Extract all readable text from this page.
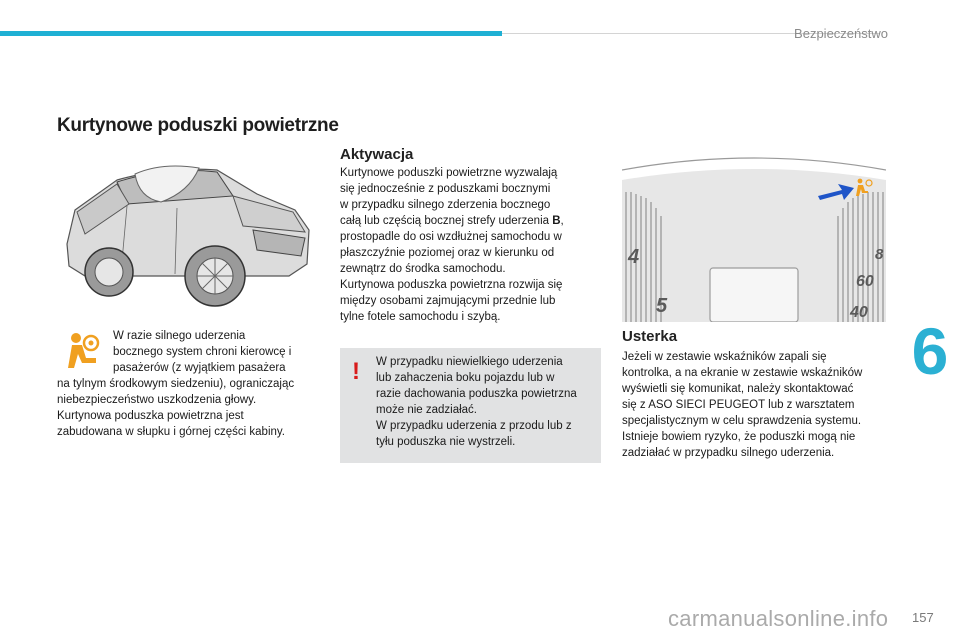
Bezpieczeństwo
Kurtynowe poduszki powietrzne

W razie silnego uderzenia
bocznego system chroni kierowcę i
pasażerów (z wyjątkiem pasażera
na tylnym środkowym siedzeniu), ograniczając
niebezpieczeństwo uszkodzenia głowy.
Kurtynowa poduszka powietrzna jest
zabudowana w słupku i górnej części kabiny.

Aktywacja

Kurtynowe poduszki powietrzne wyzwalają
się jednocześnie z poduszkami bocznymi
w przypadku silnego zderzenia bocznego
całą lub częścią bocznej strefy uderzenia B,
prostopadle do osi wzdłużnej samochodu w
płaszczyźnie poziomej oraz w kierunku od
zewnątrz do środka samochodu.
Kurtynowa poduszka powietrzna rozwija się
między osobami zajmującymi przednie lub
tylne fotele samochodu i szybą.

! W przypadku niewielkiego uderzenia
lub zahaczenia boku pojazdu lub w
razie dachowania poduszka powietrzna
może nie zadziałać.
W przypadku uderzenia z przodu lub z
tyłu poduszka nie wystrzeli.

4
5
8
60
40
Usterka

Jeżeli w zestawie wskaźników zapali się
kontrolka, a na ekranie w zestawie wskaźników
wyświetli się komunikat, należy skontaktować
się z ASO SIECI PEUGEOT lub z warsztatem
specjalistycznym w celu sprawdzenia systemu.
Istnieje bowiem ryzyko, że poduszki mogą nie
zadziałać w przypadku silnego uderzenia.

6
carmanualsonline.info 157
